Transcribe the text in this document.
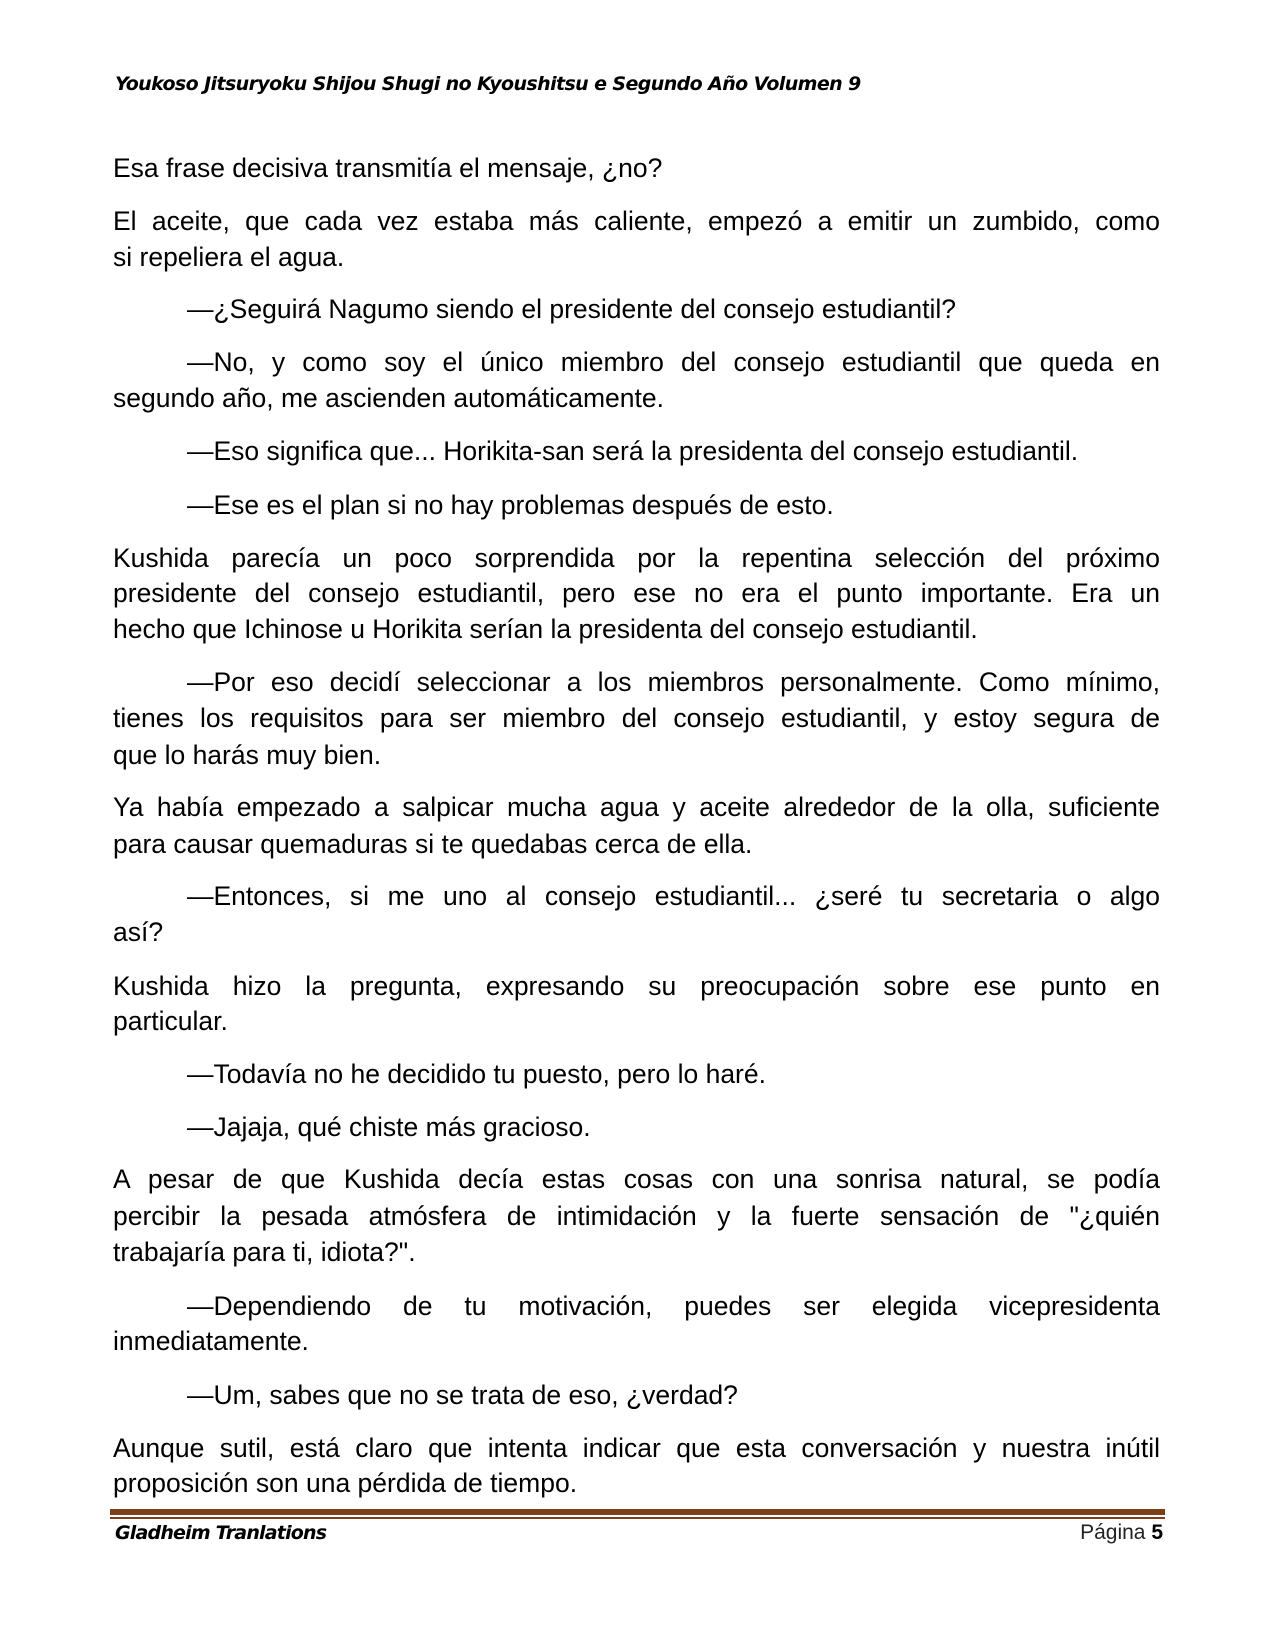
Youkoso Jitsuryoku Shijou Shugi no Kyoushitsu e Segundo Año Volumen 9
Esa frase decisiva transmitía el mensaje, ¿no?
El aceite, que cada vez estaba más caliente, empezó a emitir un zumbido, como
si repeliera el agua.
—¿Seguirá Nagumo siendo el presidente del consejo estudiantil?
—No, y como soy el único miembro del consejo estudiantil que queda en
segundo año, me ascienden automáticamente.
—Eso significa que... Horikita-san será la presidenta del consejo estudiantil.
—Ese es el plan si no hay problemas después de esto.
Kushida parecía un poco sorprendida por la repentina selección del próximo
presidente del consejo estudiantil, pero ese no era el punto importante. Era un
hecho que Ichinose u Horikita serían la presidenta del consejo estudiantil.
—Por eso decidí seleccionar a los miembros personalmente. Como mínimo,
tienes los requisitos para ser miembro del consejo estudiantil, y estoy segura de
que lo harás muy bien.
Ya había empezado a salpicar mucha agua y aceite alrededor de la olla, suficiente
para causar quemaduras si te quedabas cerca de ella.
—Entonces, si me uno al consejo estudiantil... ¿seré tu secretaria o algo
así?
Kushida hizo la pregunta, expresando su preocupación sobre ese punto en
particular.
—Todavía no he decidido tu puesto, pero lo haré.
—Jajaja, qué chiste más gracioso.
A pesar de que Kushida decía estas cosas con una sonrisa natural, se podía
percibir la pesada atmósfera de intimidación y la fuerte sensación de "¿quién
trabajaría para ti, idiota?".
—Dependiendo de tu motivación, puedes ser elegida vicepresidenta
inmediatamente.
—Um, sabes que no se trata de eso, ¿verdad?
Aunque sutil, está claro que intenta indicar que esta conversación y nuestra inútil
proposición son una pérdida de tiempo.
Gladheim Tranlations	Página 5
